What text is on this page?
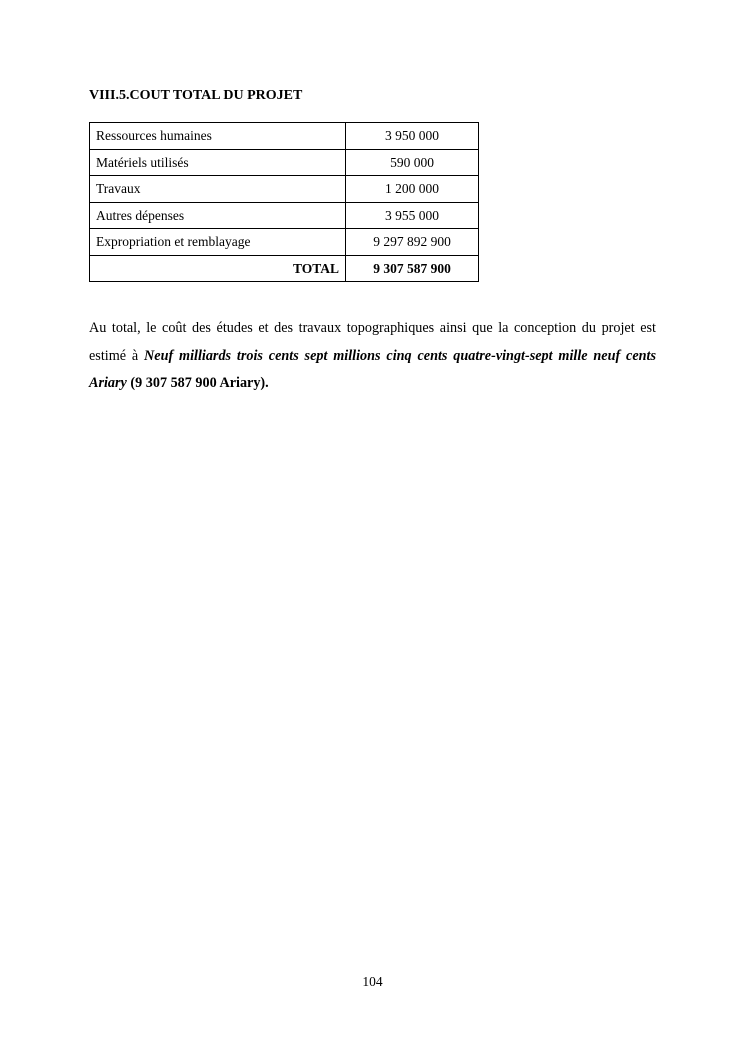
VIII.5.COUT TOTAL DU PROJET
Ressources humaines	3 950 000
Matériels utilisés	590 000
Travaux	1 200 000
Autres dépenses	3 955 000
Expropriation et remblayage	9 297 892 900
TOTAL	9 307 587 900

Au total, le coût des études et des travaux topographiques ainsi que la conception du projet est estimé à Neuf milliards trois cents sept millions cinq cents quatre-vingt-sept mille neuf cents Ariary (9 307 587 900 Ariary).

104
